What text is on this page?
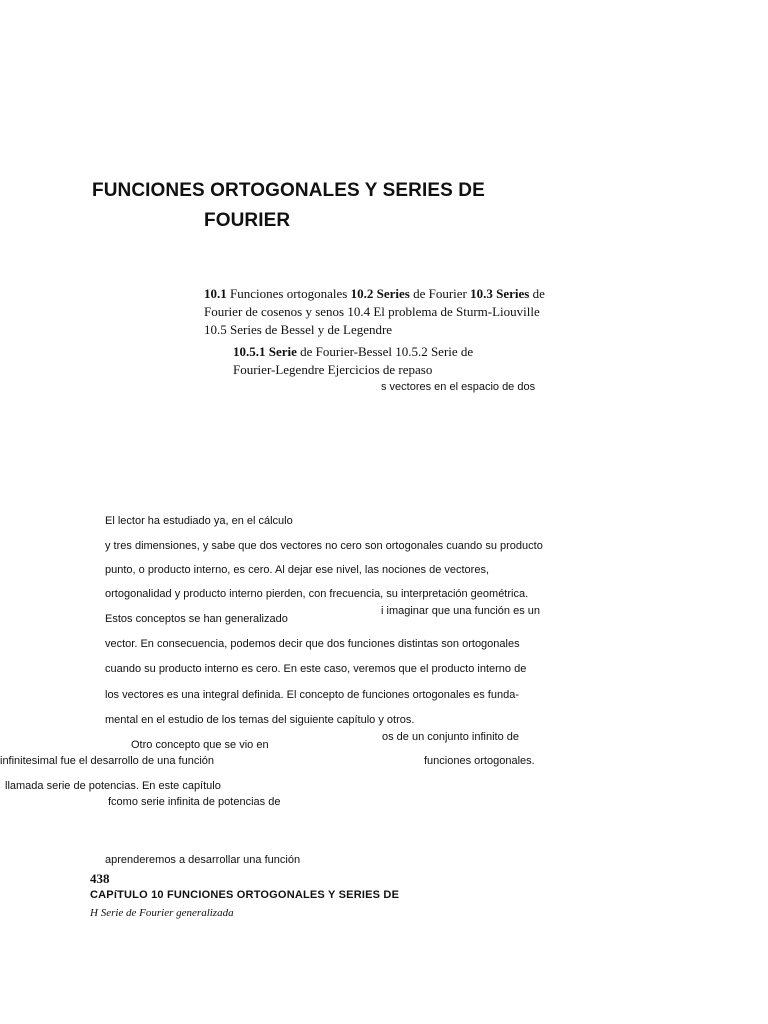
FUNCIONES ORTOGONALES Y SERIES DE
FOURIER
10.1 Funciones ortogonales 10.2 Series de Fourier 10.3 Series de
Fourier de cosenos y senos 10.4 El problema de Sturm-Liouville
10.5 Series de Bessel y de Legendre
10.5.1 Serie de Fourier-Bessel 10.5.2 Serie de
Fourier-Legendre Ejercicios de repaso
s vectores en el espacio de dos
El lector ha estudiado ya, en el cálculo
y tres dimensiones, y sabe que dos vectores no cero son ortogonales cuando su producto
punto, o producto interno, es cero. Al dejar ese nivel, las nociones de vectores,
ortogonalidad y producto interno pierden, con frecuencia, su interpretación geométrica.
i imaginar que una función es un
Estos conceptos se han generalizado
vector. En consecuencia, podemos decir que dos funciones distintas son ortogonales
cuando su producto interno es cero. En este caso, veremos que el producto interno de
los vectores es una integral definida. El concepto de funciones ortogonales es funda-
mental en el estudio de los temas del siguiente capítulo y otros.
os de un conjunto infinito de
Otro concepto que se vio en
infinitesimal fue el desarrollo de una función	funciones ortogonales.
llamada serie de potencias. En este capítulo
fcomo serie infinita de potencias de
aprenderemos a desarrollar una función
438
CAPíTULO 10 FUNCIONES ORTOGONALES Y SERIES DE
H Serie de Fourier generalizada
